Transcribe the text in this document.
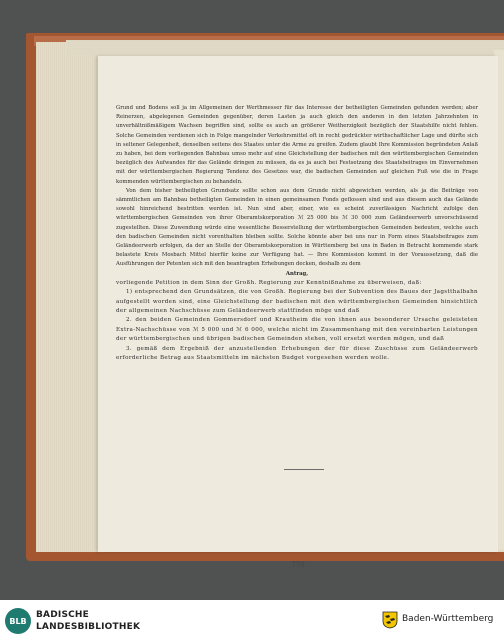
Grund und Bodens soll ja im Allgemeinen der Werthmesser für das Interesse der betheiligten Gemeinden gefunden werden; aber Reinerzen, abgelegenen Gemeinden gegenüber, deren Lasten ja auch gleich den anderen in den letzten Jahrzehnten in unverhältnißmäßigem Wachsen begriffen sind, sollte es auch an größerer Weitherzigkeit bezüglich der Staatshilfe nicht fehlen. Solche Gemeinden verdienen sich in Folge mangelnder Verkehrsmittel oft in recht gedrückter wirthschaftlicher Lage und dürfte sich in seltener Gelegenheit, denselben seitens des Staates unter die Arme zu greifen. Zudem glaubt Ihre Kommission begründeten Anlaß zu haben, bei dem vorliegenden Bahnbau umso mehr auf eine Gleichstellung der badischen mit den württembergischen Gemeinden bezüglich des Aufwandes für das Gelände dringen zu müssen, da es ja auch bei Festsetzung des Staatsbeitrages im Einvernehmen mit der württembergischen Regierung Tendenz des Gesetzes war, die badischen Gemeinden auf gleichen Fuß wie die in Frage kommenden württembergischen zu behandeln.

Von dem bisher betheiligten Grundsatz sollte schon aus dem Grunde nicht abgewichen werden, als ja die Beiträge von sämmtlichen am Bahnbau betheiligten Gemeinden in einen gemeinsamen Fonds geflossen sind und aus diesem auch das Gelände sowohl hinreichend bestritten werden ist. Nun sind aber, einer, wie es scheint zuverlässigen Nachricht zufolge den württembergischen Gemeinden von ihrer Oberamtskorporation ℳ 25 000 bis ℳ 30 000 zum Geländeerwerb unvorschüssend zugestellten. Diese Zuwendung würde eine wesentliche Besserstellung der württembergischen Gemeinden bedeuten, welche auch den badischen Gemeinden nicht vorenthalten bleiben sollte. Solche könnte aber bei uns nur in Form eines Staatsbeitrages zum Geländeerwerb erfolgen, da der an Stelle der Oberamtskorporation in Württemberg bei uns in Baden in Betracht kommende stark belastete Kreis Mosbach Mittel hierfür keine zur Verfügung hat. — Ihre Kommission kommt in der Voraussetzung, daß die Ausführungen der Petenten sich mit den beantragten Erhebungen decken, deshalb zu dem

Antrag,

vorliegende Petition in dem Sinn der Großh. Regierung zur Kenntnißnahme zu überweisen, daß:

1) entsprechend den Grundsätzen, die von Großh. Regierung bei der Subvention des Baues der Jagstthalbahn aufgestellt worden sind, eine Gleichstellung der badischen mit den württembergischen Gemeinden hinsichtlich der allgemeinen Nachschüsse zum Geländeerwerb stattfinden möge und daß

2. den beiden Gemeinden Gommersdorf und Krautheim die von ihnen aus besonderer Ursache geleisteten Extra-Nachschüsse von ℳ 5 000 und ℳ 6 000, welche nicht im Zusammenhang mit den vereinbarten Leistungen der württembergischen und übrigen badischen Gemeinden stehen, voll ersetzt werden mögen, und daß

3. gemäß dem Ergebniß der anzustellenden Erhebungen der für diese Zuschüsse zum Geländeerwerb erforderliche Betrag aus Staatsmitteln im nächsten Budget vorgesehen werden wolle.

770
BLB
BADISCHE
LANDESBIBLIOTHEK
Baden-Württemberg
